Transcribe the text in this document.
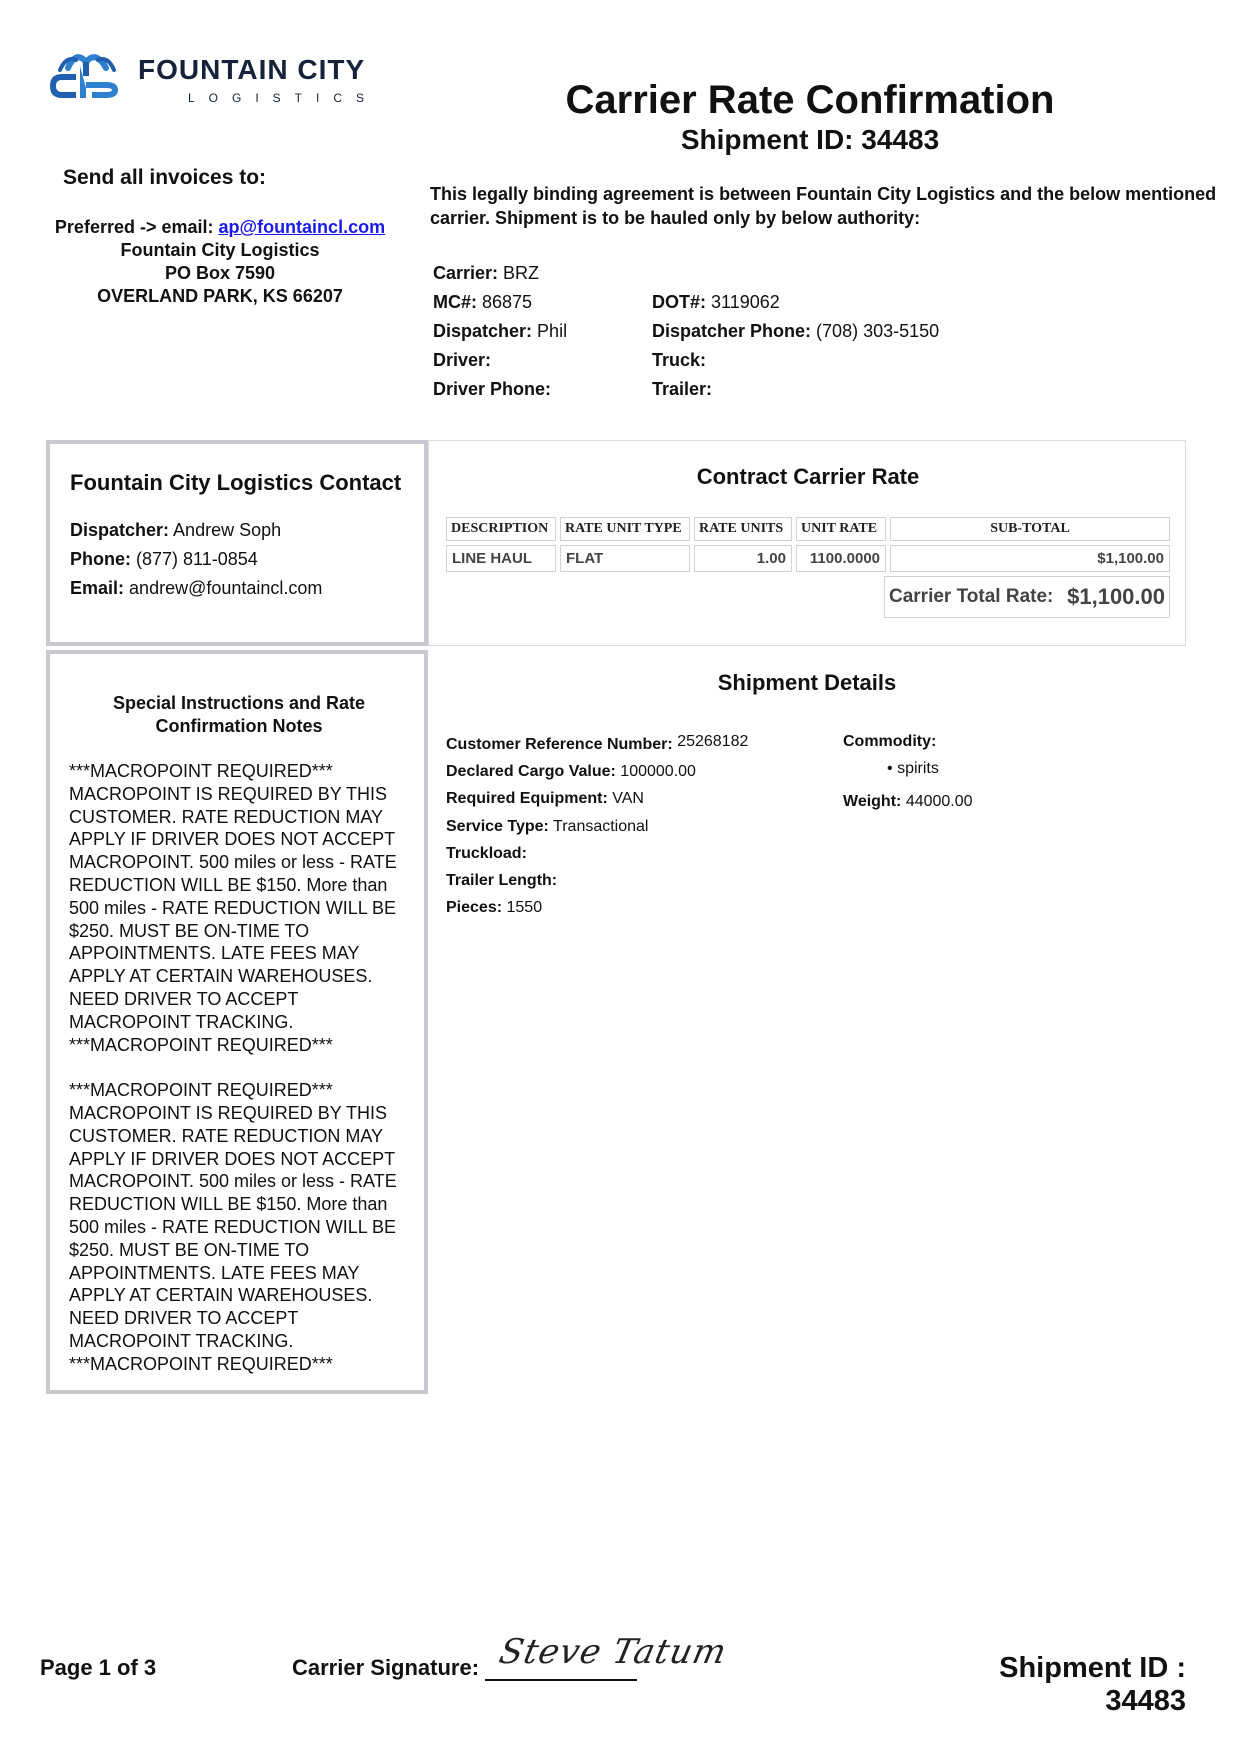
FOUNTAIN CITY
LOGISTICS	Carrier Rate Confirmation
Shipment ID: 34483
Send all invoices to:
Preferred -> email: ap@fountaincl.com
Fountain City Logistics
PO Box 7590
OVERLAND PARK, KS 66207
This legally binding agreement is between Fountain City Logistics and the below mentioned carrier. Shipment is to be hauled only by below authority:
Carrier: BRZ
MC#: 86875
Dispatcher: Phil
Driver:
Driver Phone:
DOT#: 3119062
Dispatcher Phone: (708) 303-5150
Truck:
Trailer:
Fountain City Logistics Contact
Dispatcher: Andrew Soph
Phone: (877) 811-0854
Email: andrew@fountaincl.com
Special Instructions and Rate Confirmation Notes
***MACROPOINT REQUIRED***
MACROPOINT IS REQUIRED BY THIS CUSTOMER. RATE REDUCTION MAY APPLY IF DRIVER DOES NOT ACCEPT MACROPOINT. 500 miles or less - RATE REDUCTION WILL BE $150. More than 500 miles - RATE REDUCTION WILL BE $250. MUST BE ON-TIME TO APPOINTMENTS. LATE FEES MAY APPLY AT CERTAIN WAREHOUSES. NEED DRIVER TO ACCEPT MACROPOINT TRACKING.
***MACROPOINT REQUIRED***

***MACROPOINT REQUIRED***
MACROPOINT IS REQUIRED BY THIS CUSTOMER. RATE REDUCTION MAY APPLY IF DRIVER DOES NOT ACCEPT MACROPOINT. 500 miles or less - RATE REDUCTION WILL BE $150. More than 500 miles - RATE REDUCTION WILL BE $250. MUST BE ON-TIME TO APPOINTMENTS. LATE FEES MAY APPLY AT CERTAIN WAREHOUSES. NEED DRIVER TO ACCEPT MACROPOINT TRACKING.
***MACROPOINT REQUIRED***
Contract Carrier Rate
DESCRIPTION	RATE UNIT TYPE	RATE UNITS	UNIT RATE	SUB-TOTAL
LINE HAUL	FLAT	1.00	1100.0000	$1,100.00
Carrier Total Rate: $1,100.00
Shipment Details
Customer Reference Number: 25268182
Declared Cargo Value: 100000.00
Required Equipment: VAN
Service Type: Transactional
Truckload:
Trailer Length:
Pieces: 1550
Commodity:
• spirits
Weight: 44000.00
Page 1 of 3	Carrier Signature: Steve Tatum	Shipment ID : 34483
